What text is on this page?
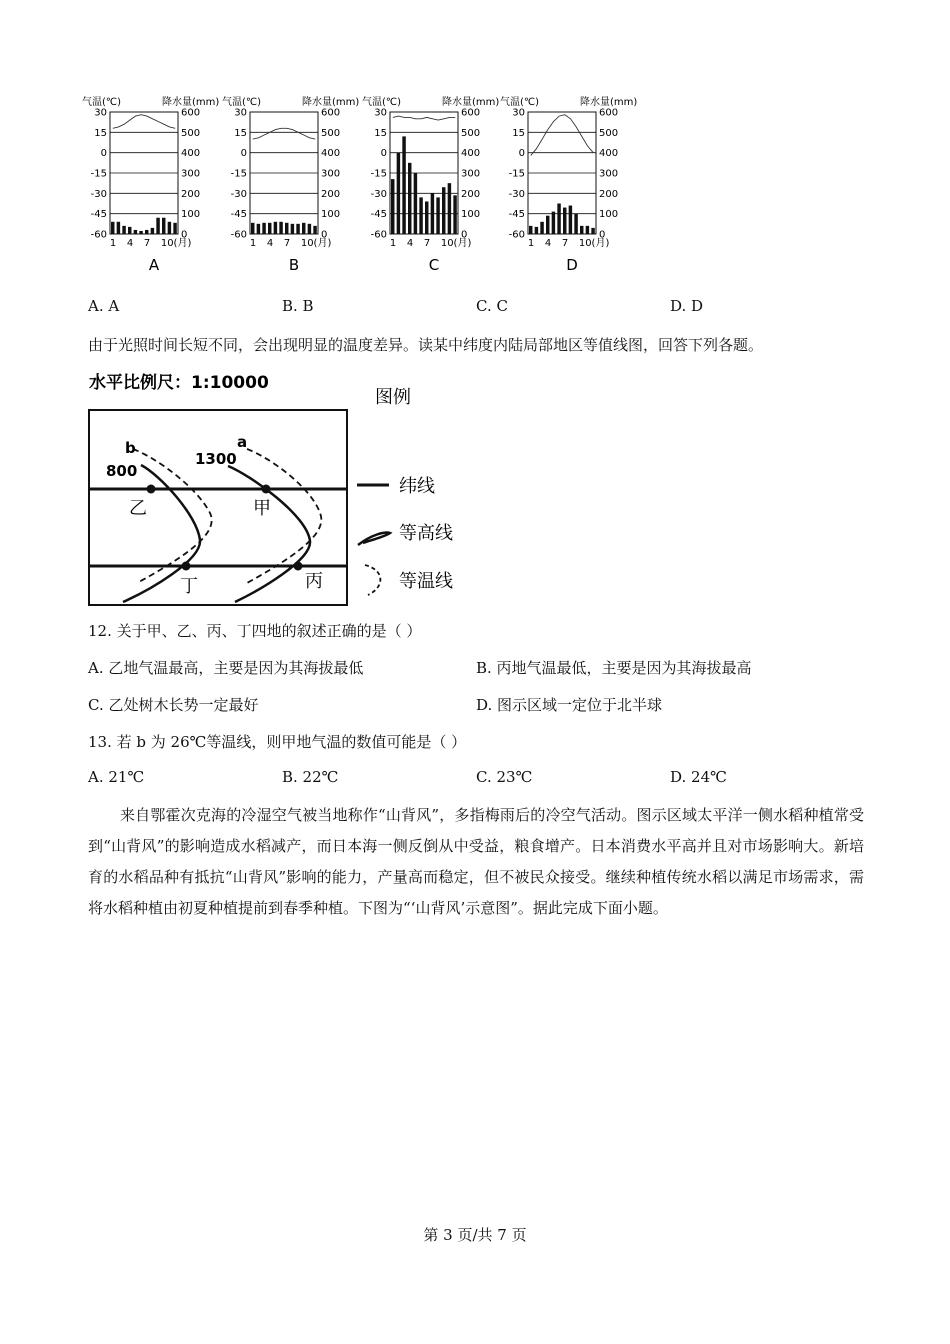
气温(℃)	降水量(mm)
30	600
15	500
0	400
-15	300
-30	200
-45	100
-60	0
1 4 7 10(月)
A
气温(℃)	降水量(mm)
30	600
15	500
0	400
-15	300
-30	200
-45	100
-60	0
1 4 7 10(月)
B
气温(℃)	降水量(mm)
30	600
15	500
0	400
-15	300
-30	200
-45	100
-60	0
1 4 7 10(月)
C
气温(℃)	降水量(mm)
30	600
15	500
0	400
-15	300
-30	200
-45	100
-60	0
1 4 7 10(月)
D
A. A	B. B	C. C	D. D
由于光照时间长短不同，会出现明显的温度差异。读某中纬度内陆局部地区等值线图，回答下列各题。
水平比例尺：1:10000
图例
b	a
800
1300
乙	甲
丁	丙
纬线
等高线
等温线
12. 关于甲、乙、丙、丁四地的叙述正确的是（ ）
A. 乙地气温最高，主要是因为其海拔最低	B. 丙地气温最低，主要是因为其海拔最高
C. 乙处树木长势一定最好	D. 图示区域一定位于北半球
13. 若 b 为 26℃等温线，则甲地气温的数值可能是（ ）
A. 21℃	B. 22℃	C. 23℃	D. 24℃
来自鄂霍次克海的冷湿空气被当地称作“山背风”，多指梅雨后的冷空气活动。图示区域太平洋一侧水稻种植常受到“山背风”的影响造成水稻减产，而日本海一侧反倒从中受益，粮食增产。日本消费水平高并且对市场影响大。新培育的水稻品种有抵抗“山背风”影响的能力，产量高而稳定，但不被民众接受。继续种植传统水稻以满足市场需求，需将水稻种植由初夏种植提前到春季种植。下图为“‘山背风’示意图”。据此完成下面小题。
第 3 页/共 7 页
